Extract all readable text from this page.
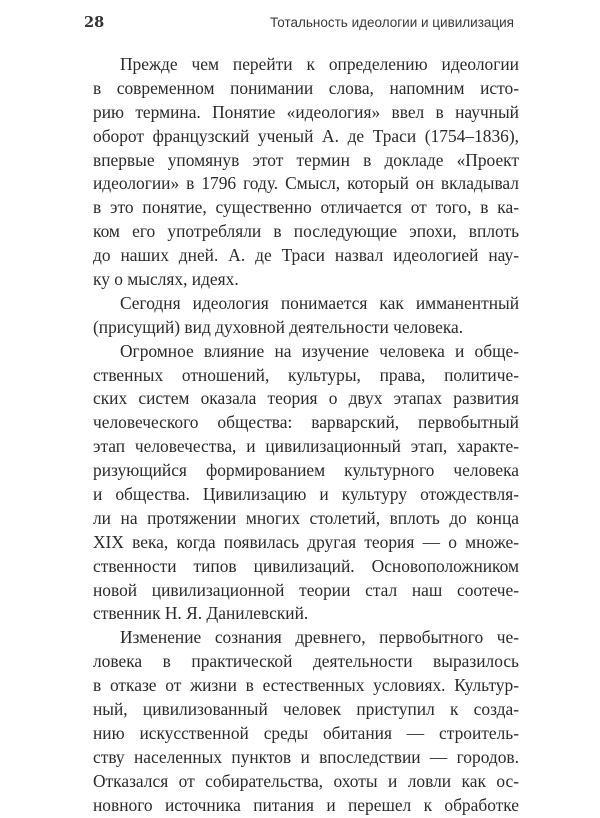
28	Тотальность идеологии и цивилизация

Прежде чем перейти к определению идеологии
в современном понимании слова, напомним исто-
рию термина. Понятие «идеология» ввел в научный
оборот французский ученый А. де Траси (1754–1836),
впервые упомянув этот термин в докладе «Проект
идеологии» в 1796 году. Смысл, который он вкладывал
в это понятие, существенно отличается от того, в ка-
ком его употребляли в последующие эпохи, вплоть
до наших дней. А. де Траси назвал идеологией нау-
ку о мыслях, идеях.

Сегодня идеология понимается как имманентный
(присущий) вид духовной деятельности человека.

Огромное влияние на изучение человека и обще-
ственных отношений, культуры, права, политиче-
ских систем оказала теория о двух этапах развития
человеческого общества: варварский, первобытный
этап человечества, и цивилизационный этап, характе-
ризующийся формированием культурного человека
и общества. Цивилизацию и культуру отождествля-
ли на протяжении многих столетий, вплоть до конца
XIX века, когда появилась другая теория — о множе-
ственности типов цивилизаций. Основоположником
новой цивилизационной теории стал наш соотече-
ственник Н. Я. Данилевский.

Изменение сознания древнего, первобытного че-
ловека в практической деятельности выразилось
в отказе от жизни в естественных условиях. Культур-
ный, цивилизованный человек приступил к созда-
нию искусственной среды обитания — строитель-
ству населенных пунктов и впоследствии — городов.
Отказался от собирательства, охоты и ловли как ос-
новного источника питания и перешел к обработке
